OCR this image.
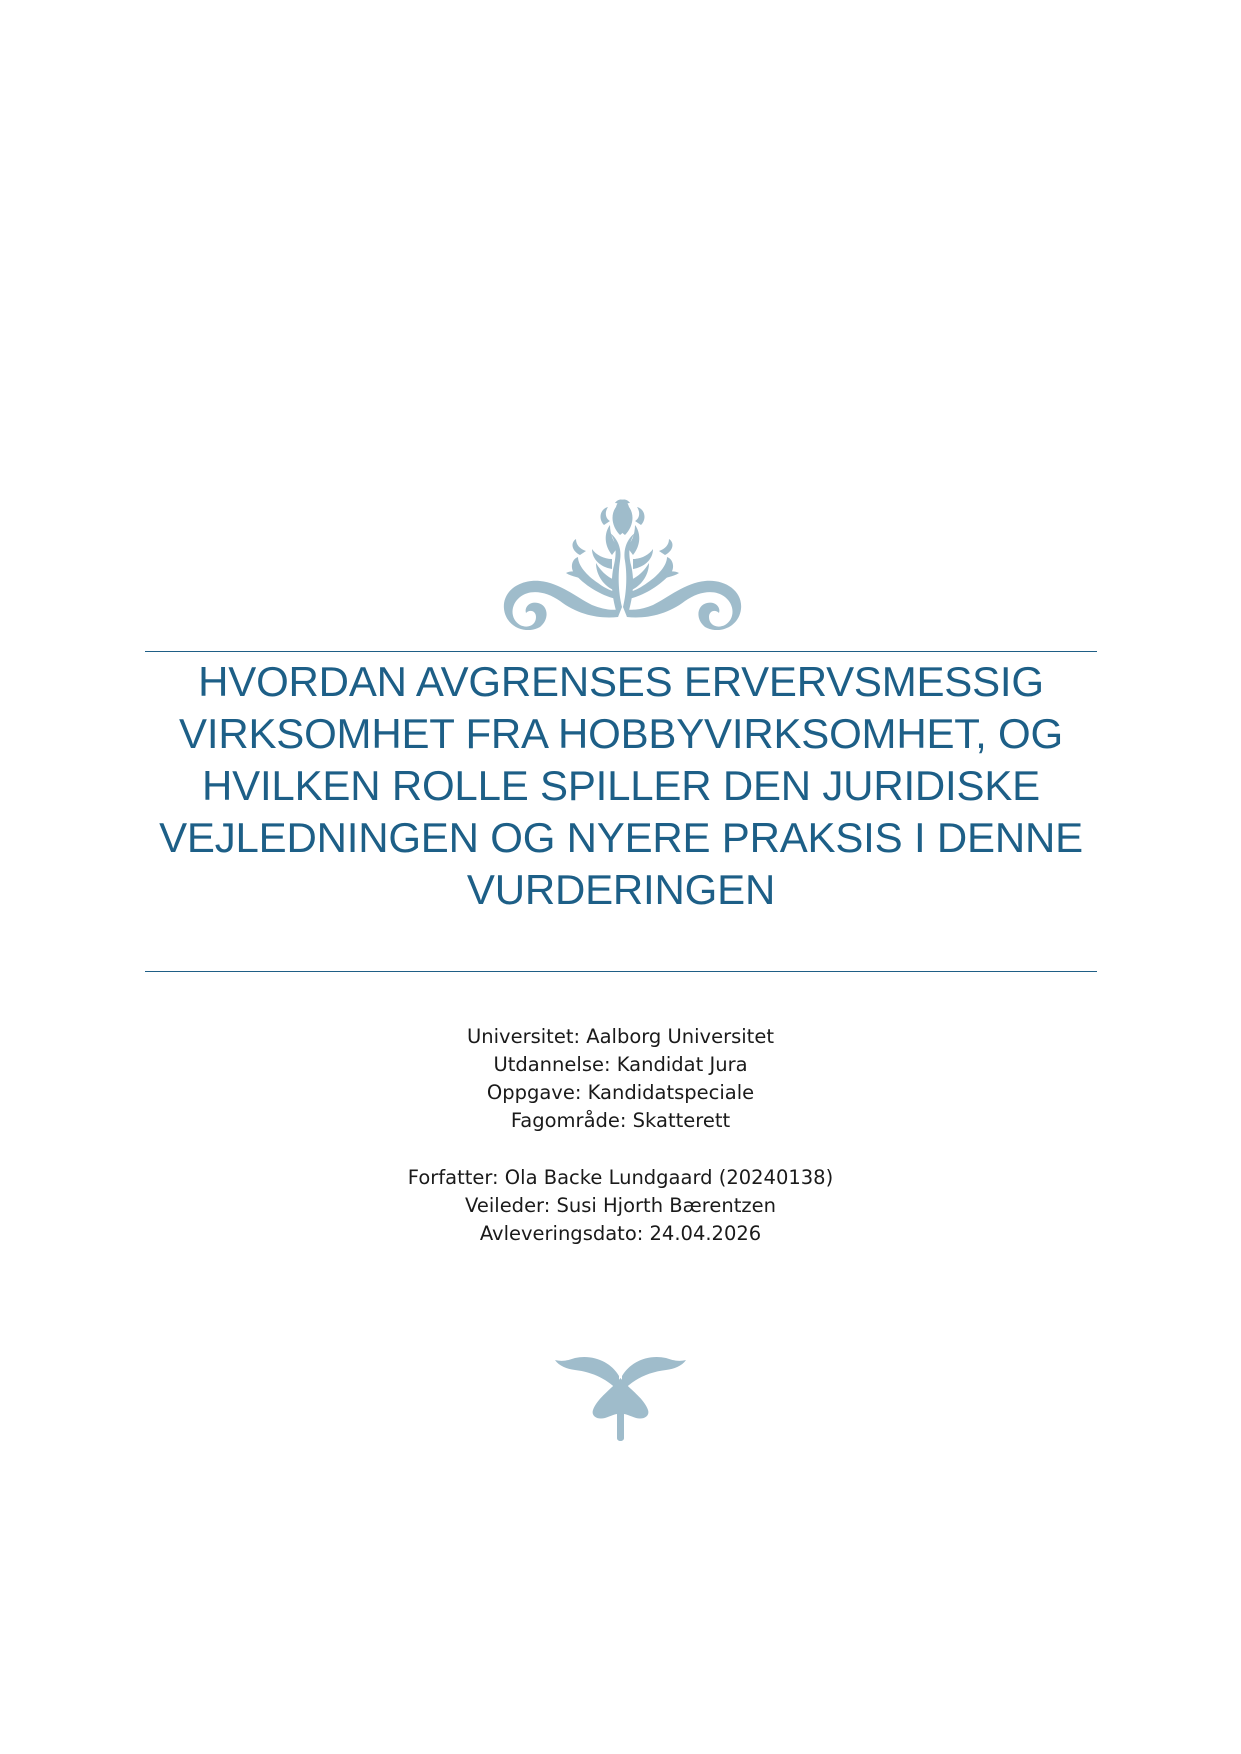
HVORDAN AVGRENSES ERVERVSMESSIG
VIRKSOMHET FRA HOBBYVIRKSOMHET, OG
HVILKEN ROLLE SPILLER DEN JURIDISKE
VEJLEDNINGEN OG NYERE PRAKSIS I DENNE
VURDERINGEN
Universitet: Aalborg Universitet
Utdannelse: Kandidat Jura
Oppgave: Kandidatspeciale
Fagområde: Skatterett
Forfatter: Ola Backe Lundgaard (20240138)
Veileder: Susi Hjorth Bærentzen
Avleveringsdato: 24.04.2026
